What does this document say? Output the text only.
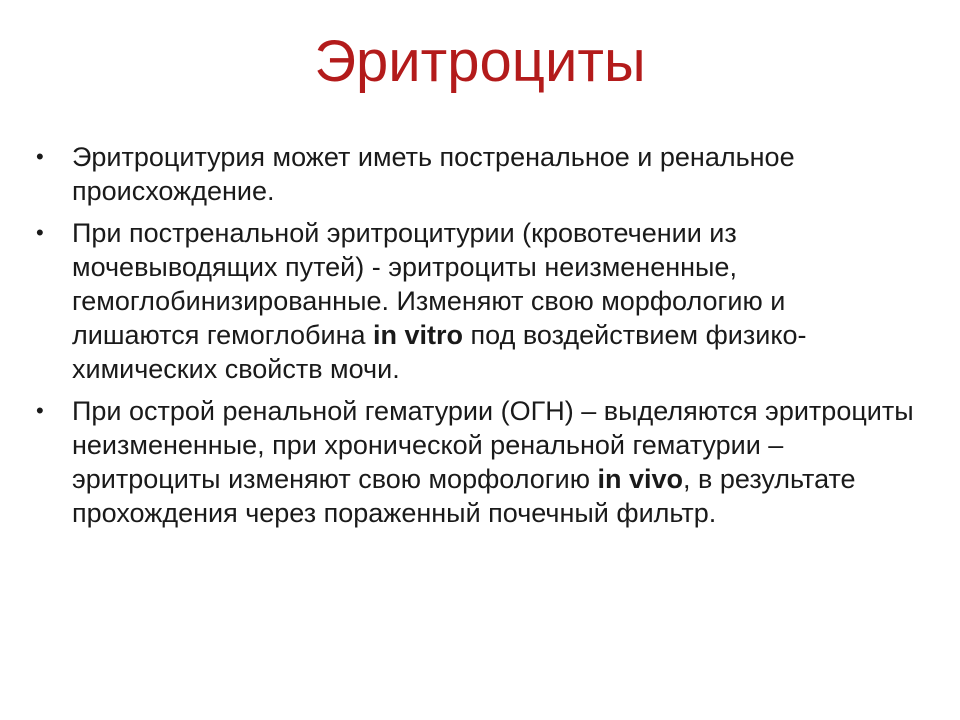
Эритроциты
•	Эритроцитурия может иметь постренальное и ренальное происхождение.
•	При постренальной эритроцитурии (кровотечении из мочевыводящих путей) - эритроциты неизмененные, гемоглобинизированные. Изменяют свою морфологию и лишаются гемоглобина in vitro под воздействием физико-химических свойств мочи.
•	При острой ренальной гематурии (ОГН) – выделяются эритроциты неизмененные, при хронической ренальной гематурии –эритроциты изменяют свою морфологию in vivo, в результате прохождения через пораженный почечный фильтр.
